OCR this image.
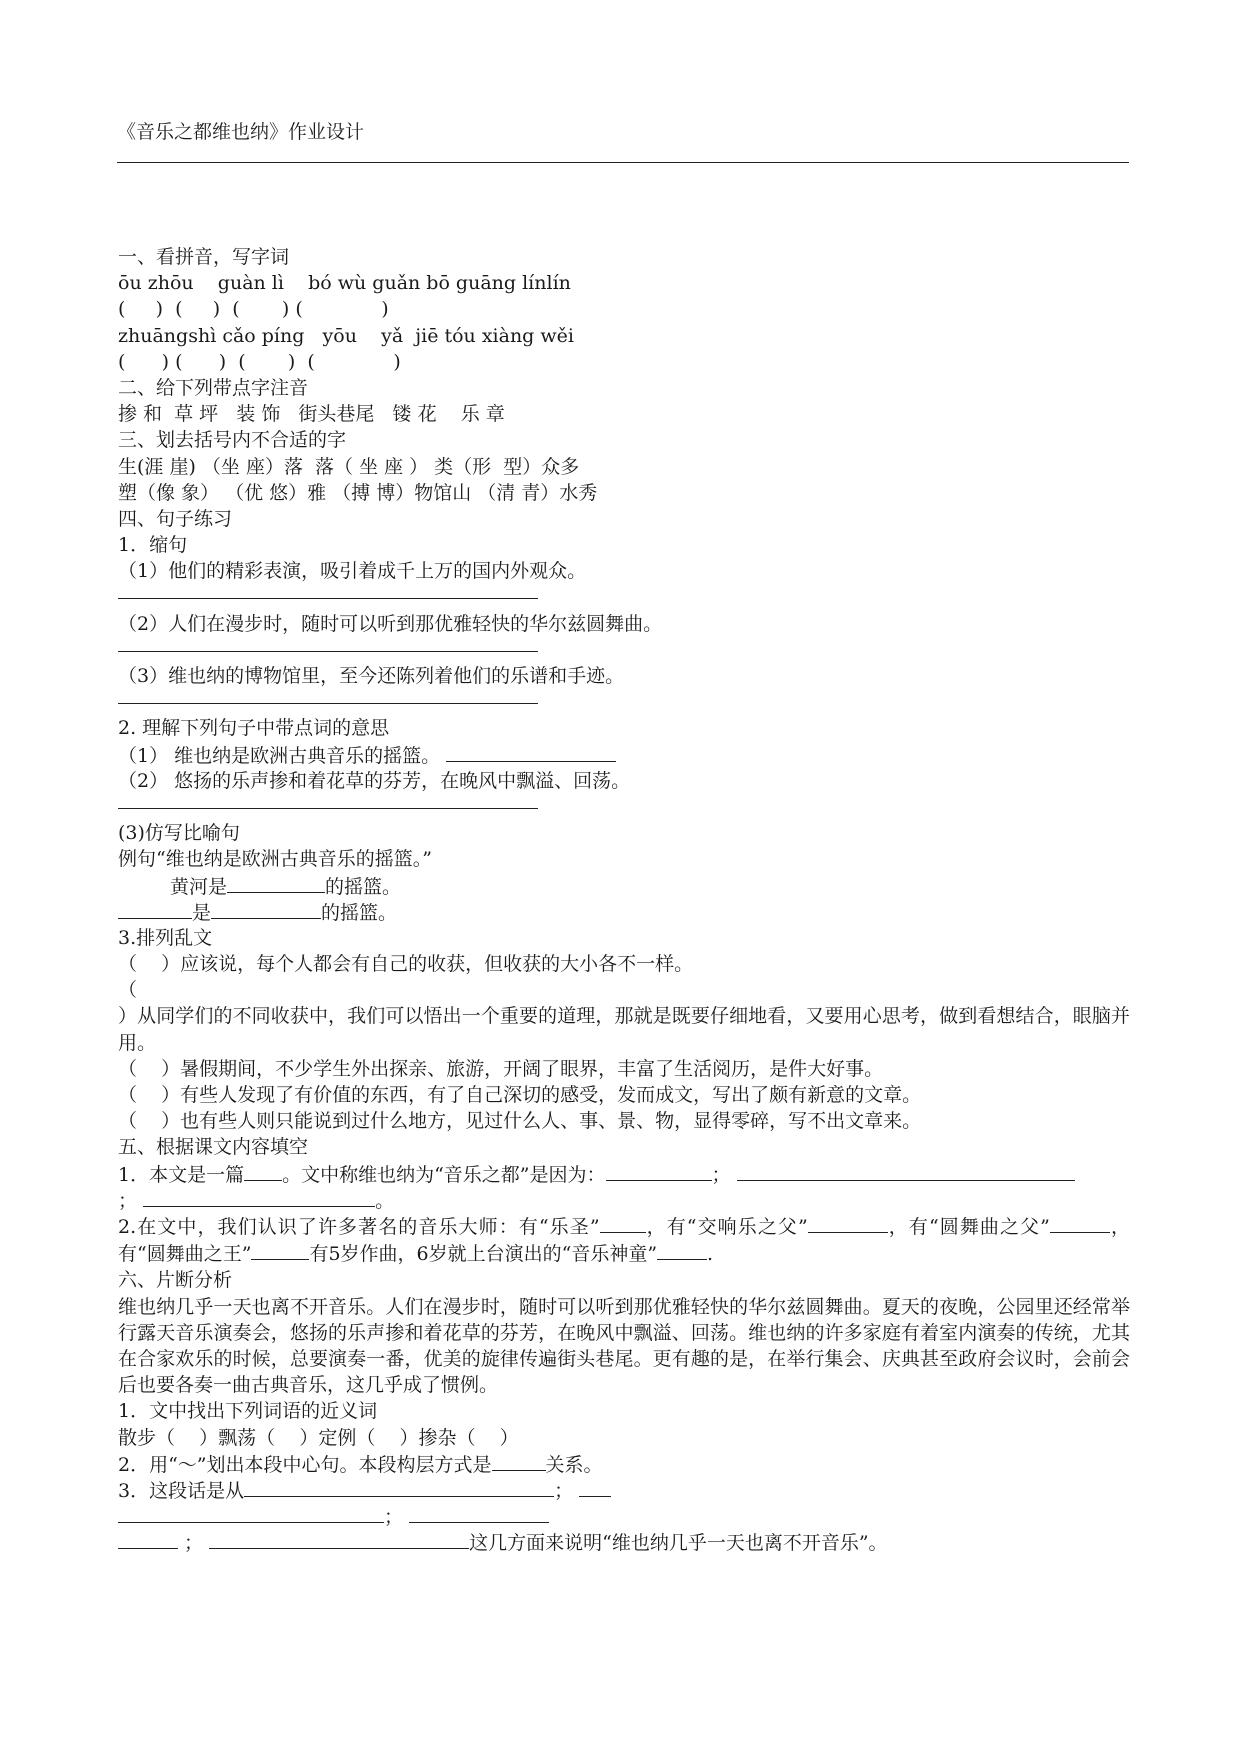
《音乐之都维也纳》作业设计
一、看拼音，写字词
ōu zhōu    guàn lì    bó wù guǎn bō guāng línlín
(     )  (     )  (       ) (             )
zhuāngshì cǎo píng   yōu    yǎ  jiē tóu xiàng wěi
(      ) (      )  (       )  (             )
二、给下列带点字注音
掺 和  草 坪   装 饰   街头巷尾   镂 花    乐 章
三、划去括号内不合适的字
生(涯 崖) （坐 座）落  落（ 坐 座 ） 类（形  型）众多
塑（像 象） （优 悠）雅 （搏 博）物馆山 （清 青）水秀
四、句子练习
1．缩句
（1）他们的精彩表演，吸引着成千上万的国内外观众。
（2）人们在漫步时，随时可以听到那优雅轻快的华尔兹圆舞曲。
（3）维也纳的博物馆里，至今还陈列着他们的乐谱和手迹。
2. 理解下列句子中带点词的意思
（1） 维也纳是欧洲古典音乐的摇篮。
（2） 悠扬的乐声掺和着花草的芬芳，在晚风中飘溢、回荡。
(3)仿写比喻句
例句“维也纳是欧洲古典音乐的摇篮。”
黄河是	的摇篮。
是	的摇篮。
3.排列乱文
（    ）应该说，每个人都会有自己的收获，但收获的大小各不一样。
（
）从同学们的不同收获中，我们可以悟出一个重要的道理，那就是既要仔细地看，又要用心思考，做到看想结合，眼脑并用。
（    ）暑假期间，不少学生外出探亲、旅游，开阔了眼界，丰富了生活阅历，是件大好事。
（    ）有些人发现了有价值的东西，有了自己深切的感受，发而成文，写出了颇有新意的文章。
（    ）也有些人则只能说到过什么地方，见过什么人、事、景、物，显得零碎，写不出文章来。
五、根据课文内容填空
1．本文是一篇 。文中称维也纳为“音乐之都”是因为：	；
；	。
2.在文中，我们认识了许多著名的音乐大师：有“乐圣” ，有“交响乐之父”	，有“圆舞曲之父”	，有“圆舞曲之王”	有5岁作曲，6岁就上台演出的“音乐神童”	.
六、片断分析
维也纳几乎一天也离不开音乐。人们在漫步时，随时可以听到那优雅轻快的华尔兹圆舞曲。夏天的夜晚，公园里还经常举行露天音乐演奏会，悠扬的乐声掺和着花草的芬芳，在晚风中飘溢、回荡。维也纳的许多家庭有着室内演奏的传统，尤其在合家欢乐的时候，总要演奏一番，优美的旋律传遍街头巷尾。更有趣的是，在举行集会、庆典甚至政府会议时，会前会后也要各奏一曲古典音乐，这几乎成了惯例。
1．文中找出下列词语的近义词
散步（    ）飘荡（    ）定例（    ）掺杂（    ）
2．用“～”划出本段中心句。本段构层方式是	关系。
3．这段话是从	；
；
；	这几方面来说明“维也纳几乎一天也离不开音乐”。
